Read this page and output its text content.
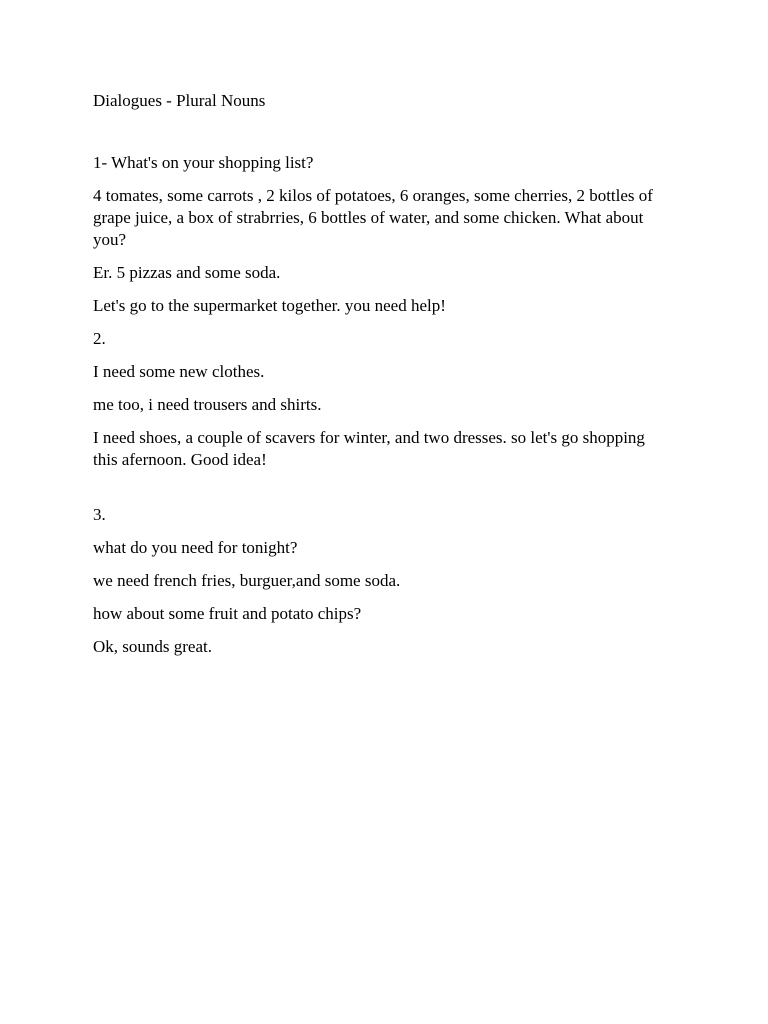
Dialogues - Plural Nouns
1- What's on your shopping list?
4 tomates, some carrots , 2 kilos of potatoes, 6 oranges, some cherries, 2 bottles of grape juice, a box of strabrries, 6 bottles of water, and some chicken. What about you?
Er. 5 pizzas and some soda.
Let's go to the supermarket together. you need help!
2.
I need some new clothes.
me too, i need trousers and shirts.
I need shoes, a couple of scavers for winter, and two dresses. so let's go shopping this afernoon. Good idea!
3.
what do you need for tonight?
we need french fries, burguer,and some soda.
how about some fruit and potato chips?
Ok, sounds great.
